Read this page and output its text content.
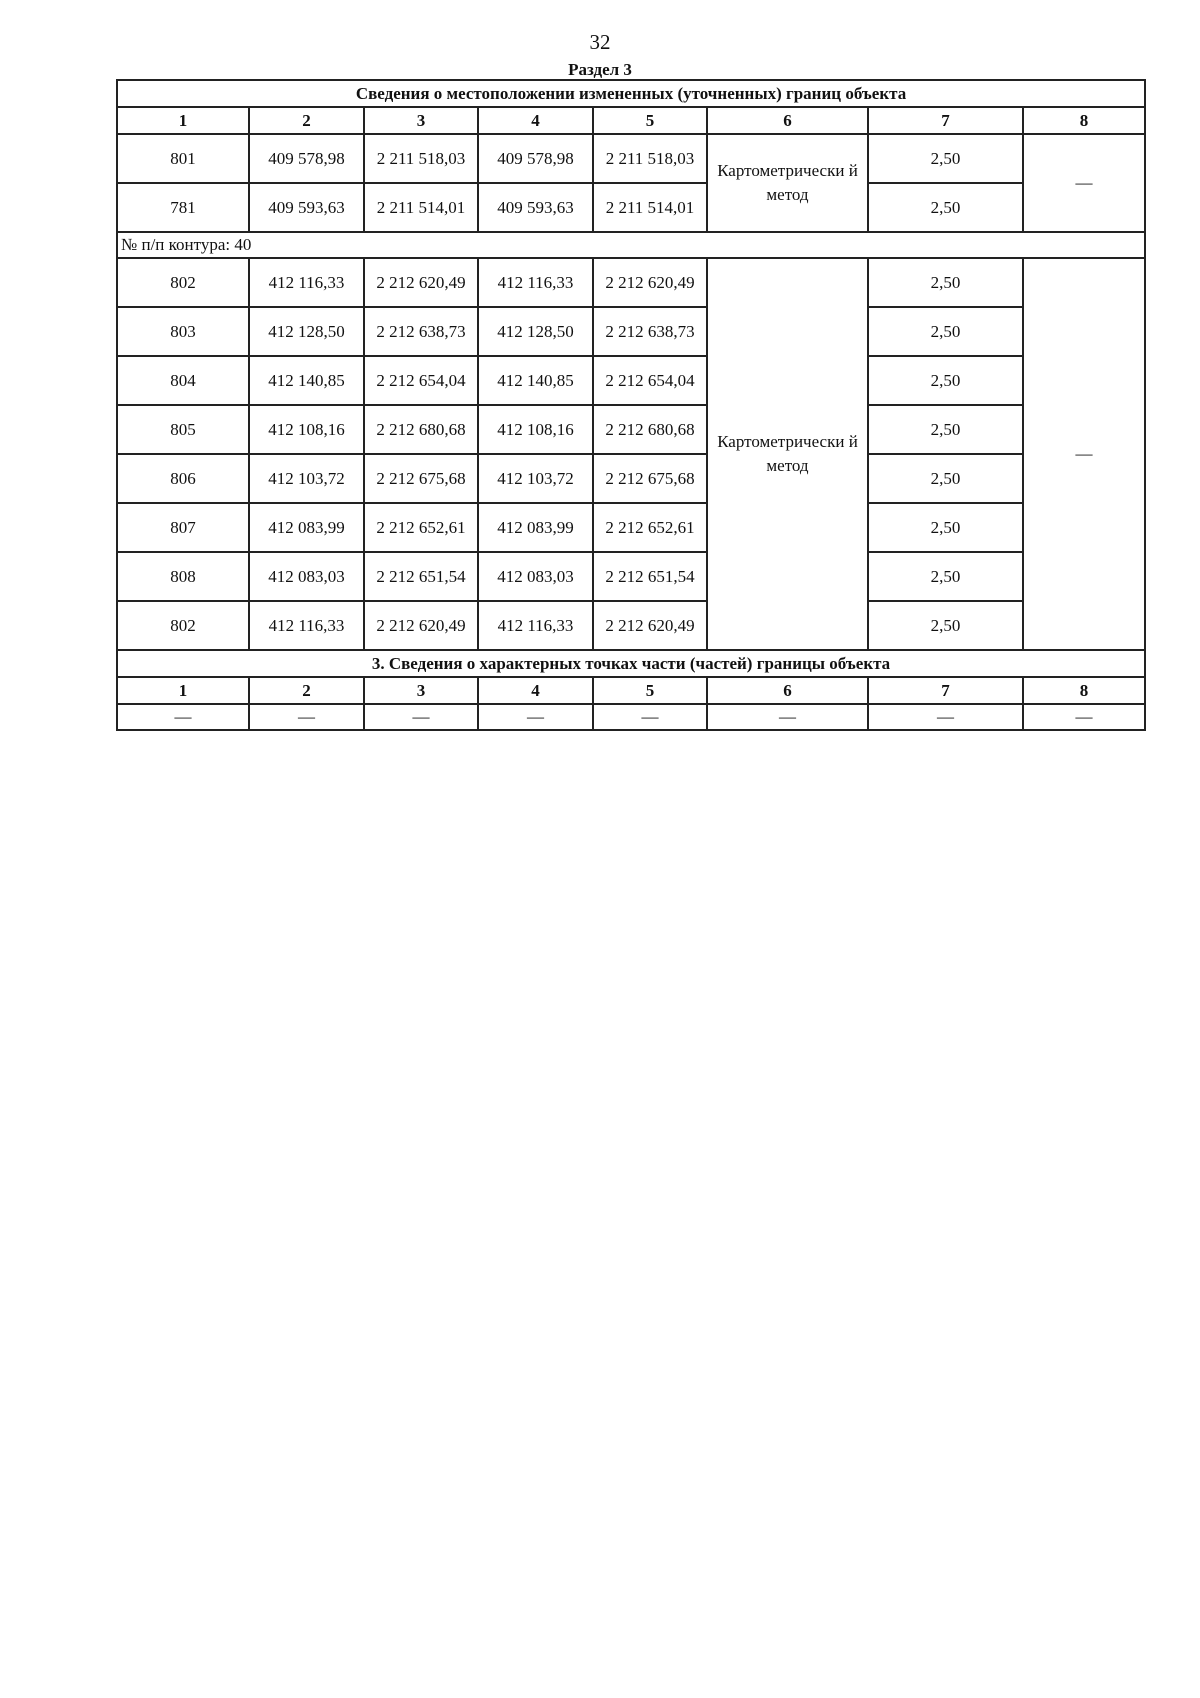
32
Раздел 3
Сведения о местоположении измененных (уточненных) границ объекта							
1	2	3	4	5	6	7	8
801	409 578,98	2 211 518,03	409 578,98	2 211 518,03	Картометрически й метод	2,50	—
781	409 593,63	2 211 514,01	409 593,63	2 211 514,01		2,50	
№ п/п контура: 40							
802	412 116,33	2 212 620,49	412 116,33	2 212 620,49	Картометрически й метод	2,50	—
803	412 128,50	2 212 638,73	412 128,50	2 212 638,73		2,50	
804	412 140,85	2 212 654,04	412 140,85	2 212 654,04		2,50	
805	412 108,16	2 212 680,68	412 108,16	2 212 680,68		2,50	
806	412 103,72	2 212 675,68	412 103,72	2 212 675,68		2,50	
807	412 083,99	2 212 652,61	412 083,99	2 212 652,61		2,50	
808	412 083,03	2 212 651,54	412 083,03	2 212 651,54		2,50	
802	412 116,33	2 212 620,49	412 116,33	2 212 620,49		2,50	
3. Сведения о характерных точках части (частей) границы объекта							
1	2	3	4	5	6	7	8
—	—	—	—	—	—	—	—
